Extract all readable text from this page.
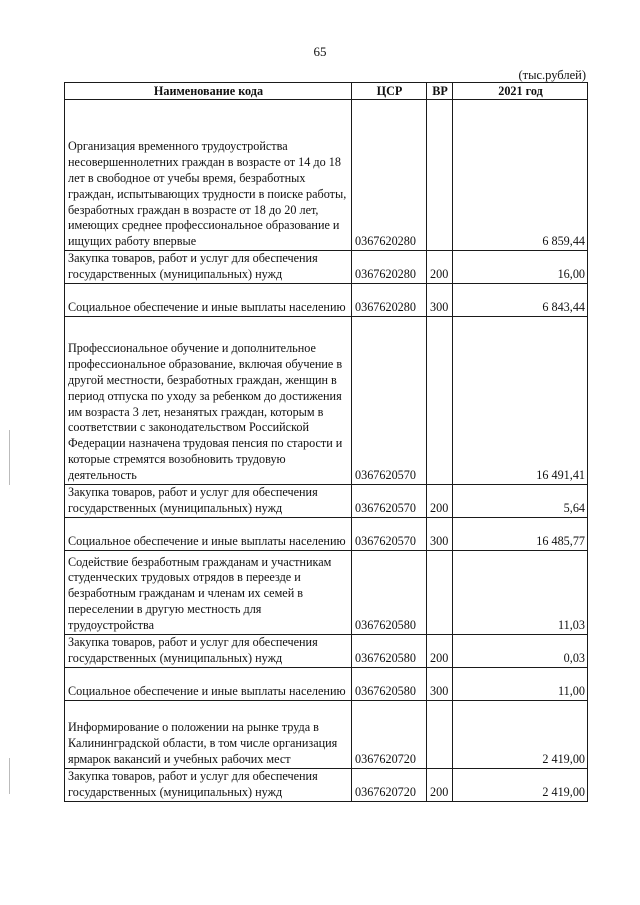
65
(тыс.рублей)
Наименование кода	ЦСР	ВР	2021 год
Организация временного трудоустройства несовершеннолетних граждан в возрасте от 14 до 18 лет в свободное от учебы время, безработных граждан, испытывающих трудности в поиске работы, безработных граждан в возрасте от 18 до 20 лет, имеющих среднее профессиональное образование и ищущих работу впервые	0367620280		6 859,44
Закупка товаров, работ и услуг для обеспечения государственных (муниципальных) нужд	0367620280	200	16,00
Социальное обеспечение и иные выплаты населению	0367620280	300	6 843,44
Профессиональное обучение и дополнительное профессиональное образование, включая обучение в другой местности, безработных граждан, женщин в период отпуска по уходу за ребенком до достижения им возраста 3 лет, незанятых граждан, которым в соответствии с законодательством Российской Федерации назначена трудовая пенсия по старости и которые стремятся возобновить трудовую деятельность	0367620570		16 491,41
Закупка товаров, работ и услуг для обеспечения государственных (муниципальных) нужд	0367620570	200	5,64
Социальное обеспечение и иные выплаты населению	0367620570	300	16 485,77
Содействие безработным гражданам и участникам студенческих трудовых отрядов в переезде и безработным гражданам и членам их семей в переселении в другую местность для трудоустройства	0367620580		11,03
Закупка товаров, работ и услуг для обеспечения государственных (муниципальных) нужд	0367620580	200	0,03
Социальное обеспечение и иные выплаты населению	0367620580	300	11,00
Информирование о положении на рынке труда в Калининградской области, в том числе организация ярмарок вакансий и учебных рабочих мест	0367620720		2 419,00
Закупка товаров, работ и услуг для обеспечения государственных (муниципальных) нужд	0367620720	200	2 419,00
